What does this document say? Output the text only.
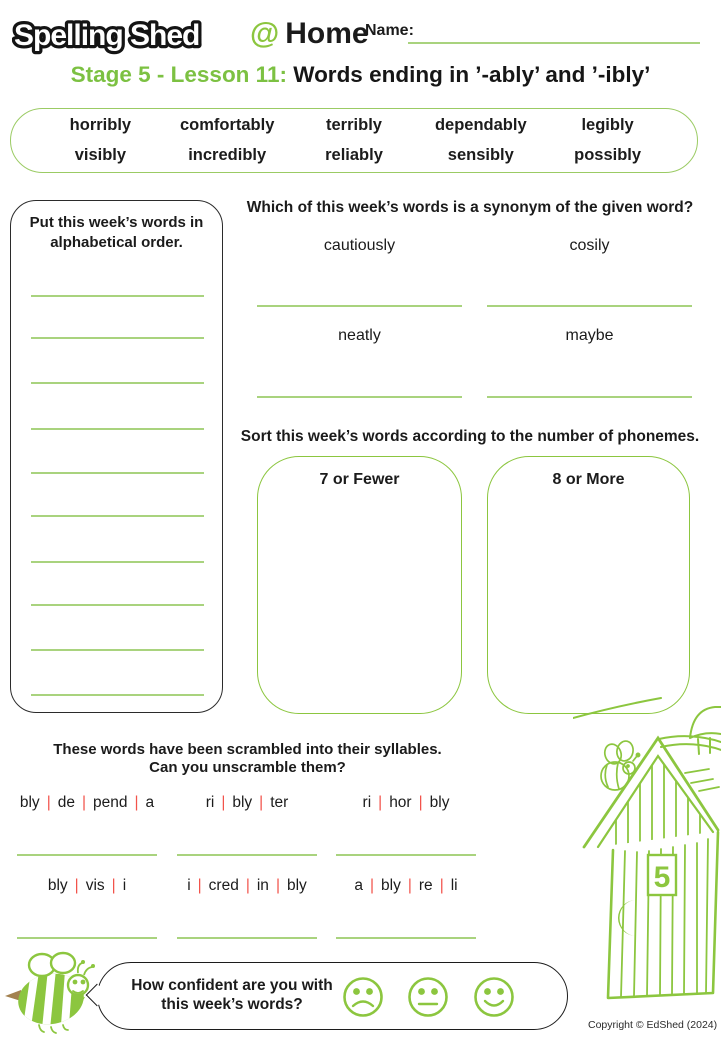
Spelling Shed @ Home
Name:
Stage 5 - Lesson 11: Words ending in ’-ably’ and ’-ibly’
horribly	comfortably	terribly	dependably	legibly
visibly	incredibly	reliably	sensibly	possibly
Put this week’s words in alphabetical order.
Which of this week’s words is a synonym of the given word?
cautiously	cosily
neatly	maybe
Sort this week’s words according to the number of phonemes.
7 or Fewer	8 or More
These words have been scrambled into their syllables.
Can you unscramble them?
bly | de | pend | a	ri | bly | ter	ri | hor | bly
bly | vis | i	i | cred | in | bly	a | bly | re | li
How confident are you with
this week’s words?
5
Copyright © EdShed (2024)
